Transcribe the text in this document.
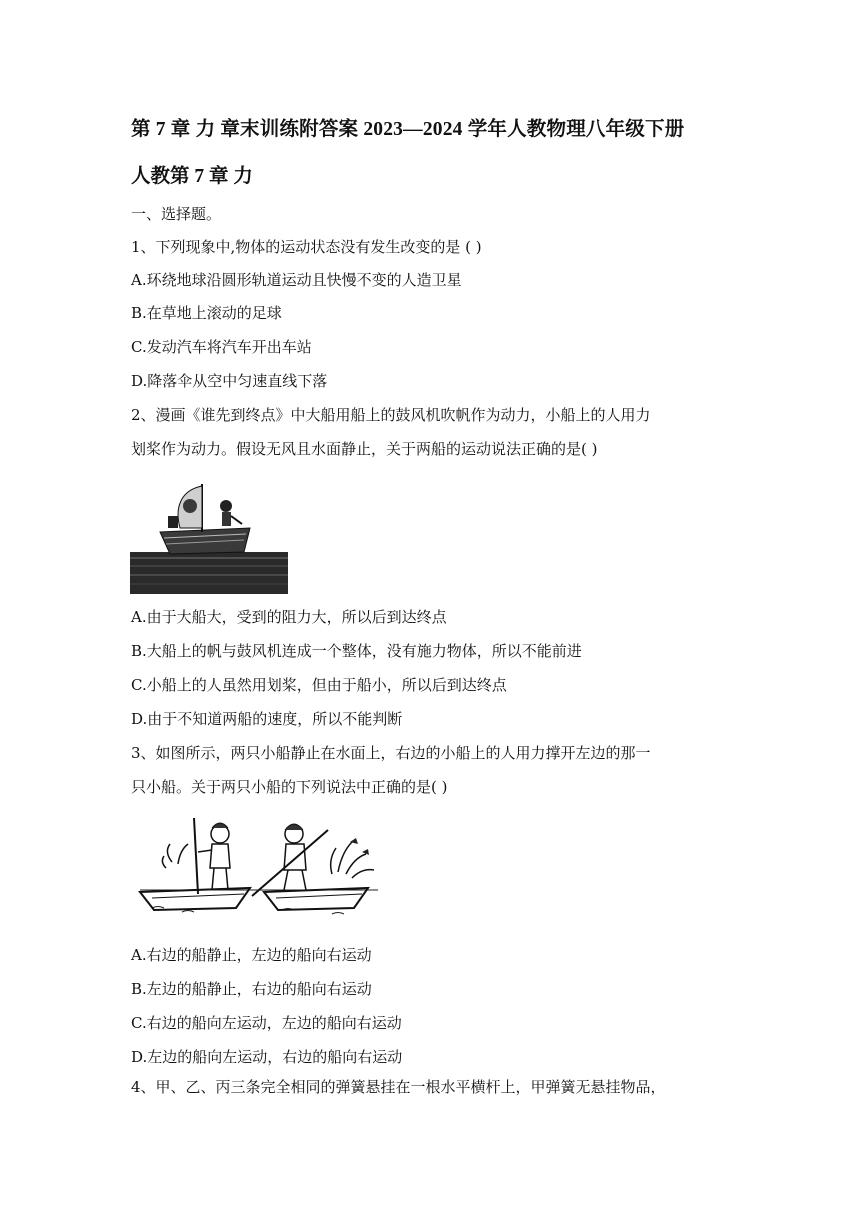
第 7 章 力 章末训练附答案 2023—2024 学年人教物理八年级下册
人教第 7 章 力
一、选择题。
1、下列现象中,物体的运动状态没有发生改变的是 ( )
A.环绕地球沿圆形轨道运动且快慢不变的人造卫星
B.在草地上滚动的足球
C.发动汽车将汽车开出车站
D.降落伞从空中匀速直线下落
2、漫画《谁先到终点》中大船用船上的鼓风机吹帆作为动力，小船上的人用力
划桨作为动力。假设无风且水面静止，关于两船的运动说法正确的是( )
A.由于大船大，受到的阻力大，所以后到达终点
B.大船上的帆与鼓风机连成一个整体，没有施力物体，所以不能前进
C.小船上的人虽然用划桨，但由于船小，所以后到达终点
D.由于不知道两船的速度，所以不能判断
3、如图所示，两只小船静止在水面上，右边的小船上的人用力撑开左边的那一
只小船。关于两只小船的下列说法中正确的是( )
A.右边的船静止，左边的船向右运动
B.左边的船静止，右边的船向右运动
C.右边的船向左运动，左边的船向右运动
D.左边的船向左运动，右边的船向右运动
4、甲、乙、丙三条完全相同的弹簧悬挂在一根水平横杆上，甲弹簧无悬挂物品，
